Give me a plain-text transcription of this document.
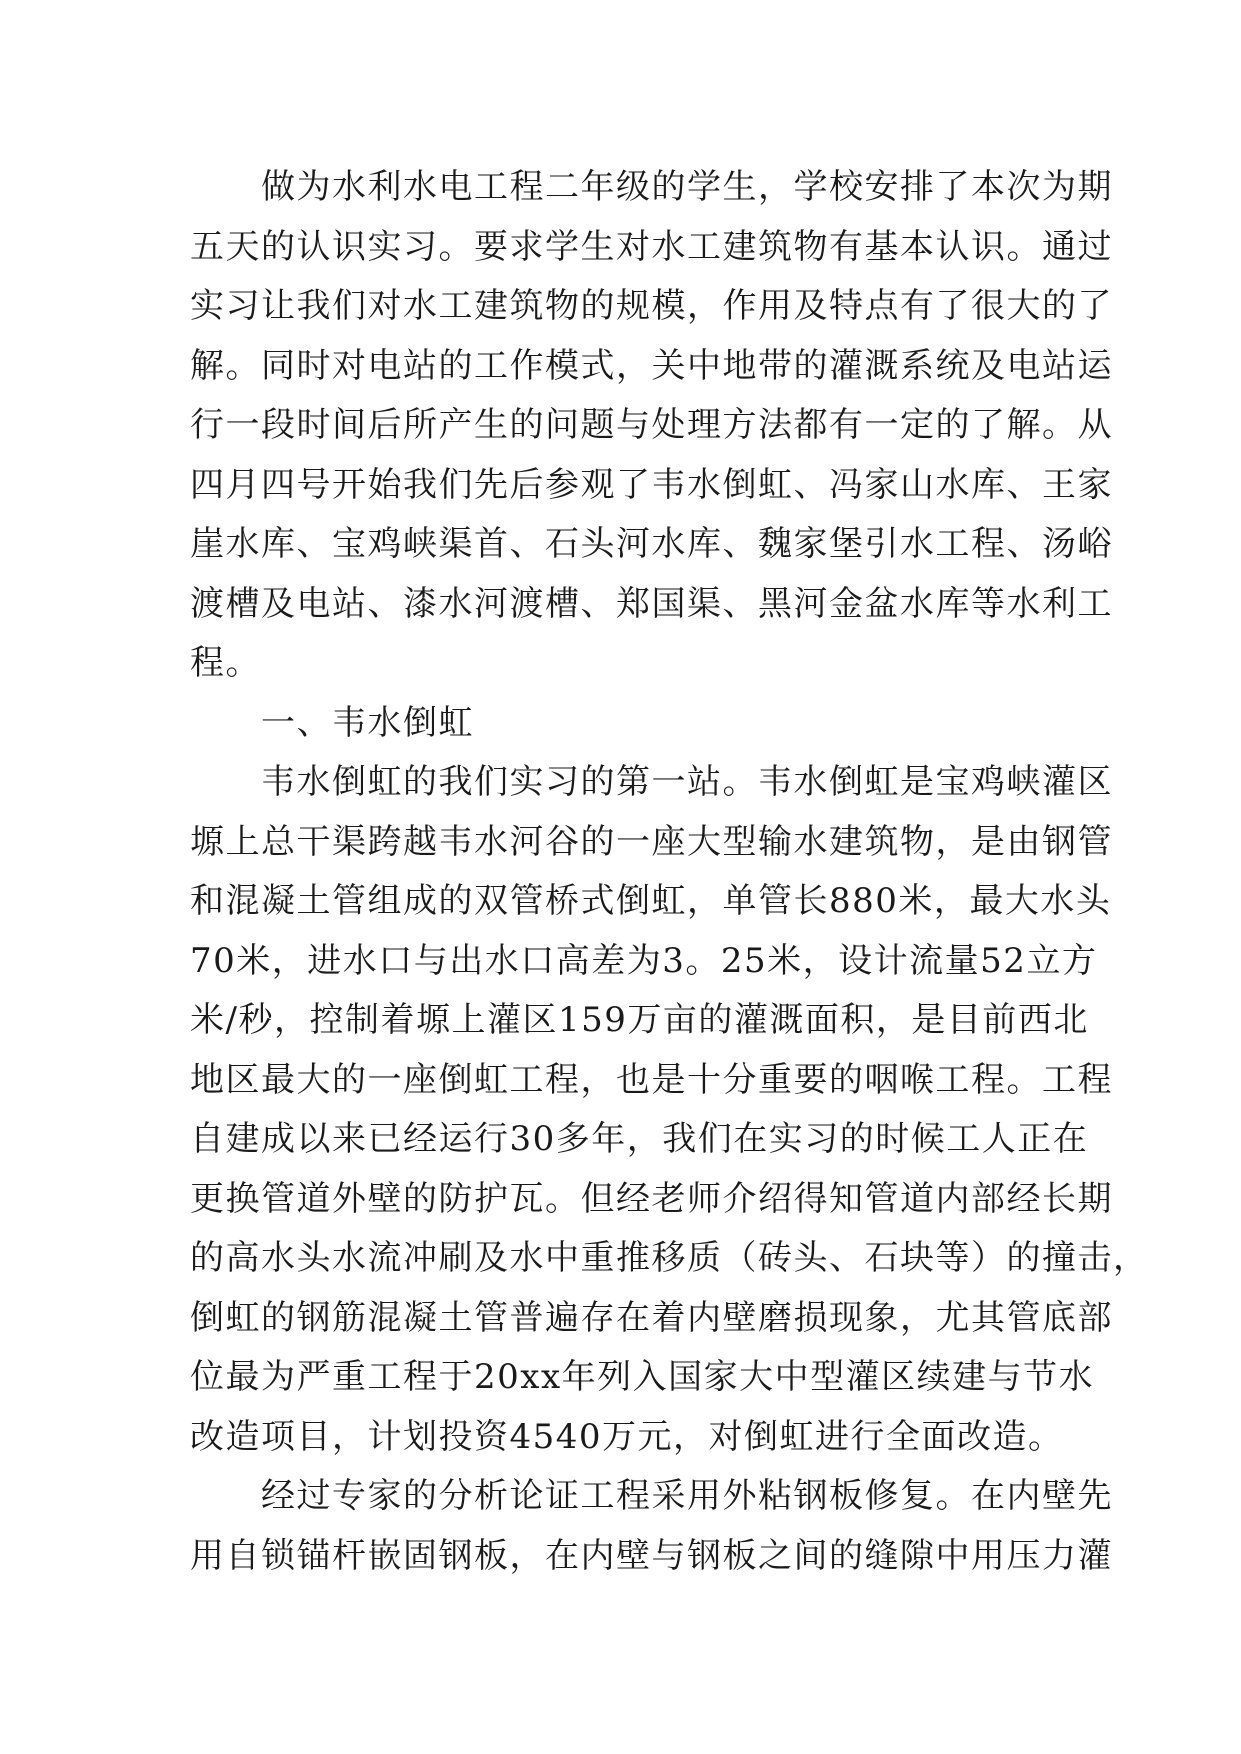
做 为 水 利 水 电 工 程 二 年 级 的 学 生 ， 学 校 安 排 了 本 次 为 期
五 天 的 认 识 实 习 。 要 求 学 生 对 水 工 建 筑 物 有 基 本 认 识 。 通 过
实 习 让 我 们 对 水 工 建 筑 物 的 规 模 ， 作 用 及 特 点 有 了 很 大 的 了
解 。 同 时 对 电 站 的 工 作 模 式 ， 关 中 地 带 的 灌 溉 系 统 及 电 站 运
行 一 段 时 间 后 所 产 生 的 问 题 与 处 理 方 法 都 有 一 定 的 了 解 。 从
四 月 四 号 开 始 我 们 先 后 参 观 了 韦 水 倒 虹 、 冯 家 山 水 库 、 王 家
崖 水 库 、 宝 鸡 峡 渠 首 、 石 头 河 水 库 、 魏 家 堡 引 水 工 程 、 汤 峪
渡 槽 及 电 站 、 漆 水 河 渡 槽 、 郑 国 渠 、 黑 河 金 盆 水 库 等 水 利 工
程。
　　一、韦水倒虹

韦 水 倒 虹 的 我 们 实 习 的 第 一 站 。 韦 水 倒 虹 是 宝 鸡 峡 灌 区
塬 上 总 干 渠 跨 越 韦 水 河 谷 的 一 座 大 型 输 水 建 筑 物 ， 是 由 钢 管
和 混 凝 土 管 组 成 的 双 管 桥 式 倒 虹 ， 单 管 长 880 米 ， 最 大 水 头
70 米 ， 进 水 口 与 出 水 口 高 差 为 3 。 25 米 ， 设 计 流 量 52 立 方
米 / 秒 ， 控 制 着 塬 上 灌 区 159 万 亩 的 灌 溉 面 积 ， 是 目 前 西 北
地 区 最 大 的 一 座 倒 虹 工 程 ， 也 是 十 分 重 要 的 咽 喉 工 程 。 工 程
自 建 成 以 来 已 经 运 行 30 多 年 ， 我 们 在 实 习 的 时 候 工 人 正 在
更 换 管 道 外 壁 的 防 护 瓦 。 但 经 老 师 介 绍 得 知 管 道 内 部 经 长 期
的 高 水 头 水 流 冲 刷 及 水 中 重 推 移 质 （ 砖 头 、 石 块 等 ） 的 撞 击 ，
倒 虹 的 钢 筋 混 凝 土 管 普 遍 存 在 着 内 壁 磨 损 现 象 ， 尤 其 管 底 部
位 最 为 严 重 工 程 于 20xx 年 列 入 国 家 大 中 型 灌 区 续 建 与 节 水
改造项目，计划投资4540万元，对倒虹进行全面改造。

经 过 专 家 的 分 析 论 证 工 程 采 用 外 粘 钢 板 修 复 。 在 内 壁 先
用 自 锁 锚 杆 嵌 固 钢 板 ， 在 内 壁 与 钢 板 之 间 的 缝 隙 中 用 压 力 灌
